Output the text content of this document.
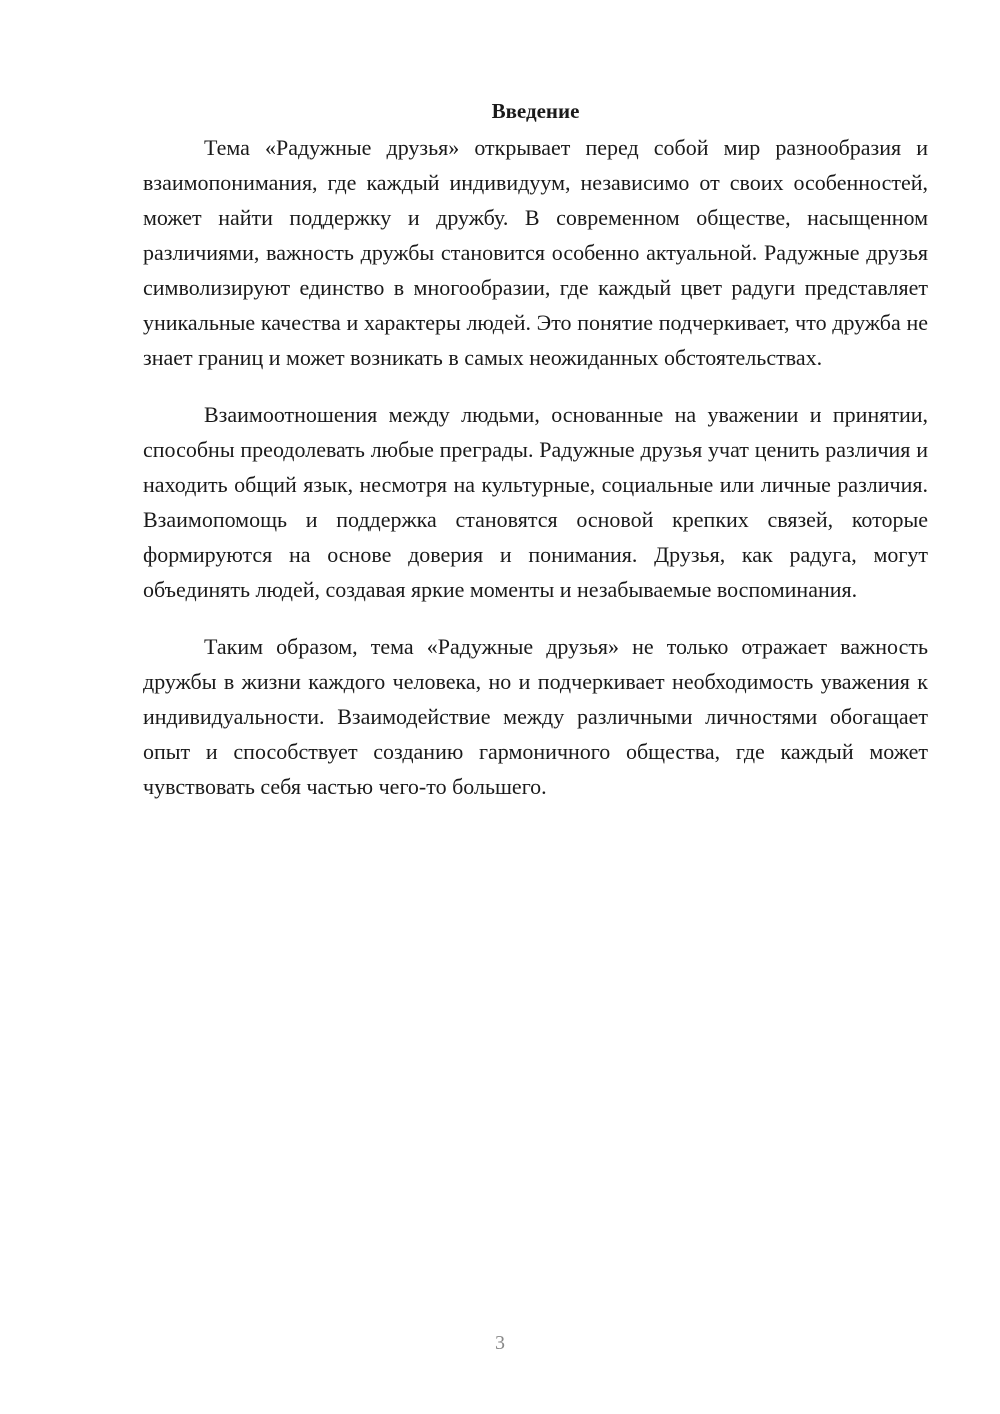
Введение

Тема «Радужные друзья» открывает перед собой мир разнообразия и взаимопонимания, где каждый индивидуум, независимо от своих особенностей, может найти поддержку и дружбу. В современном обществе, насыщенном различиями, важность дружбы становится особенно актуальной. Радужные друзья символизируют единство в многообразии, где каждый цвет радуги представляет уникальные качества и характеры людей. Это понятие подчеркивает, что дружба не знает границ и может возникать в самых неожиданных обстоятельствах.

Взаимоотношения между людьми, основанные на уважении и принятии, способны преодолевать любые преграды. Радужные друзья учат ценить различия и находить общий язык, несмотря на культурные, социальные или личные различия. Взаимопомощь и поддержка становятся основой крепких связей, которые формируются на основе доверия и понимания. Друзья, как радуга, могут объединять людей, создавая яркие моменты и незабываемые воспоминания.

Таким образом, тема «Радужные друзья» не только отражает важность дружбы в жизни каждого человека, но и подчеркивает необходимость уважения к индивидуальности. Взаимодействие между различными личностями обогащает опыт и способствует созданию гармоничного общества, где каждый может чувствовать себя частью чего-то большего.

3
